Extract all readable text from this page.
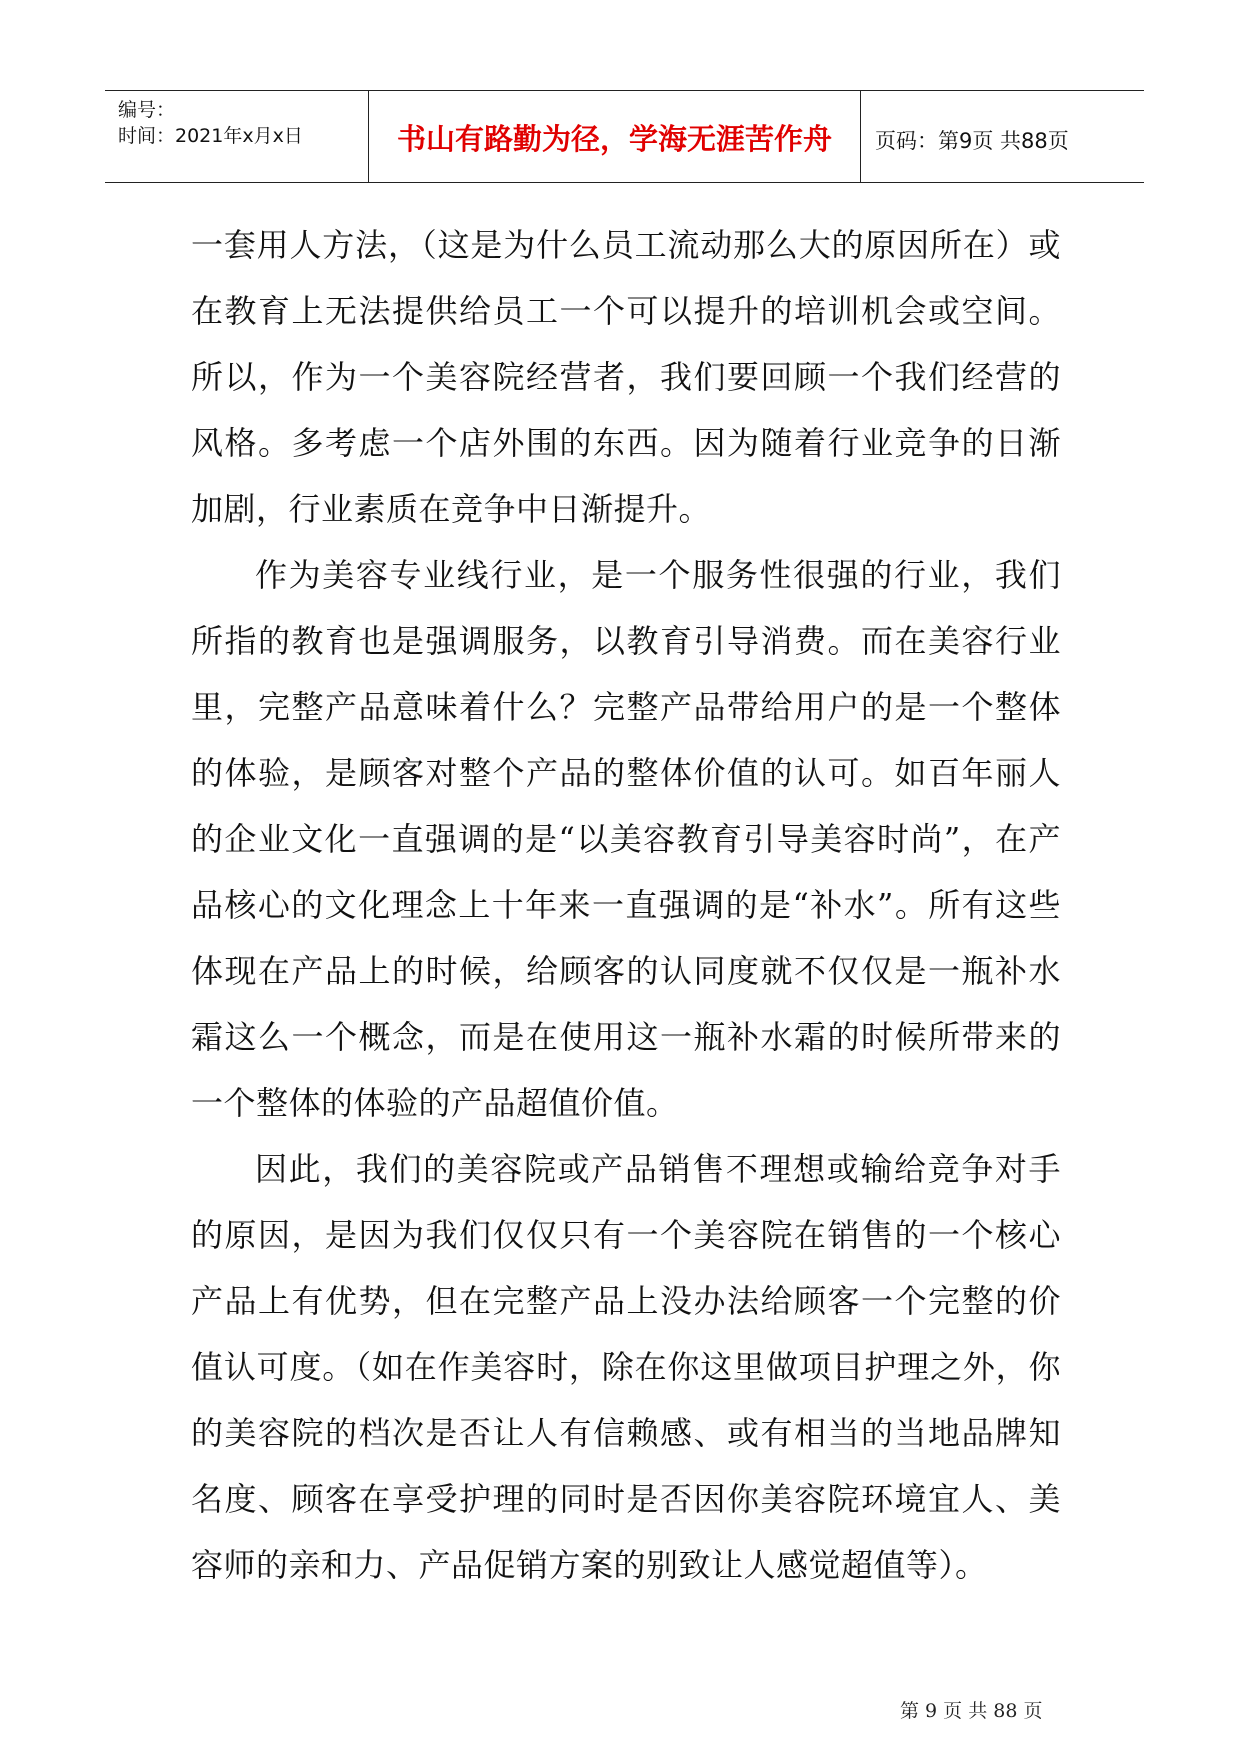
编号：
时间：2021年x月x日	书山有路勤为径，学海无涯苦作舟	页码：第9页 共88页

一套用人方法，（这是为什么员工流动那么大的原因所在）或在教育上无法提供给员工一个可以提升的培训机会或空间。所以，作为一个美容院经营者，我们要回顾一个我们经营的风格。多考虑一个店外围的东西。因为随着行业竞争的日渐加剧，行业素质在竞争中日渐提升。

作为美容专业线行业，是一个服务性很强的行业，我们所指的教育也是强调服务，以教育引导消费。而在美容行业里，完整产品意味着什么？完整产品带给用户的是一个整体的体验，是顾客对整个产品的整体价值的认可。如百年丽人的企业文化一直强调的是“以美容教育引导美容时尚”，在产品核心的文化理念上十年来一直强调的是“补水”。所有这些体现在产品上的时候，给顾客的认同度就不仅仅是一瓶补水霜这么一个概念，而是在使用这一瓶补水霜的时候所带来的一个整体的体验的产品超值价值。

因此，我们的美容院或产品销售不理想或输给竞争对手的原因，是因为我们仅仅只有一个美容院在销售的一个核心产品上有优势，但在完整产品上没办法给顾客一个完整的价值认可度。（如在作美容时，除在你这里做项目护理之外，你的美容院的档次是否让人有信赖感、或有相当的当地品牌知名度、顾客在享受护理的同时是否因你美容院环境宜人、美容师的亲和力、产品促销方案的别致让人感觉超值等）。

第 9 页 共 88 页
